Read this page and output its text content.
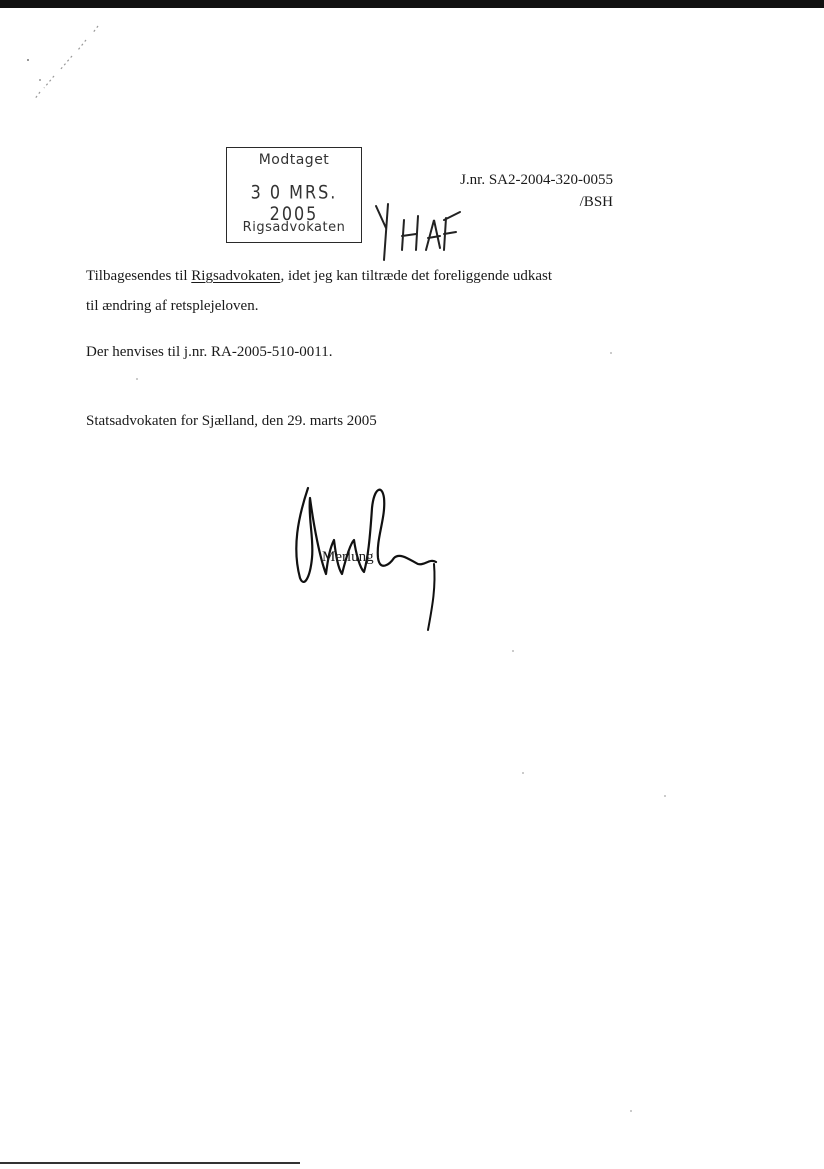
Modtaget
3 0 MRS. 2005
Rigsadvokaten
J.nr. SA2-2004-320-0055
/BSH
Tilbagesendes til Rigsadvokaten, idet jeg kan tiltræde det foreliggende udkast
til ændring af retsplejeloven.
Der henvises til j.nr. RA-2005-510-0011.
Statsadvokaten for Sjælland, den 29. marts 2005
Merlung
